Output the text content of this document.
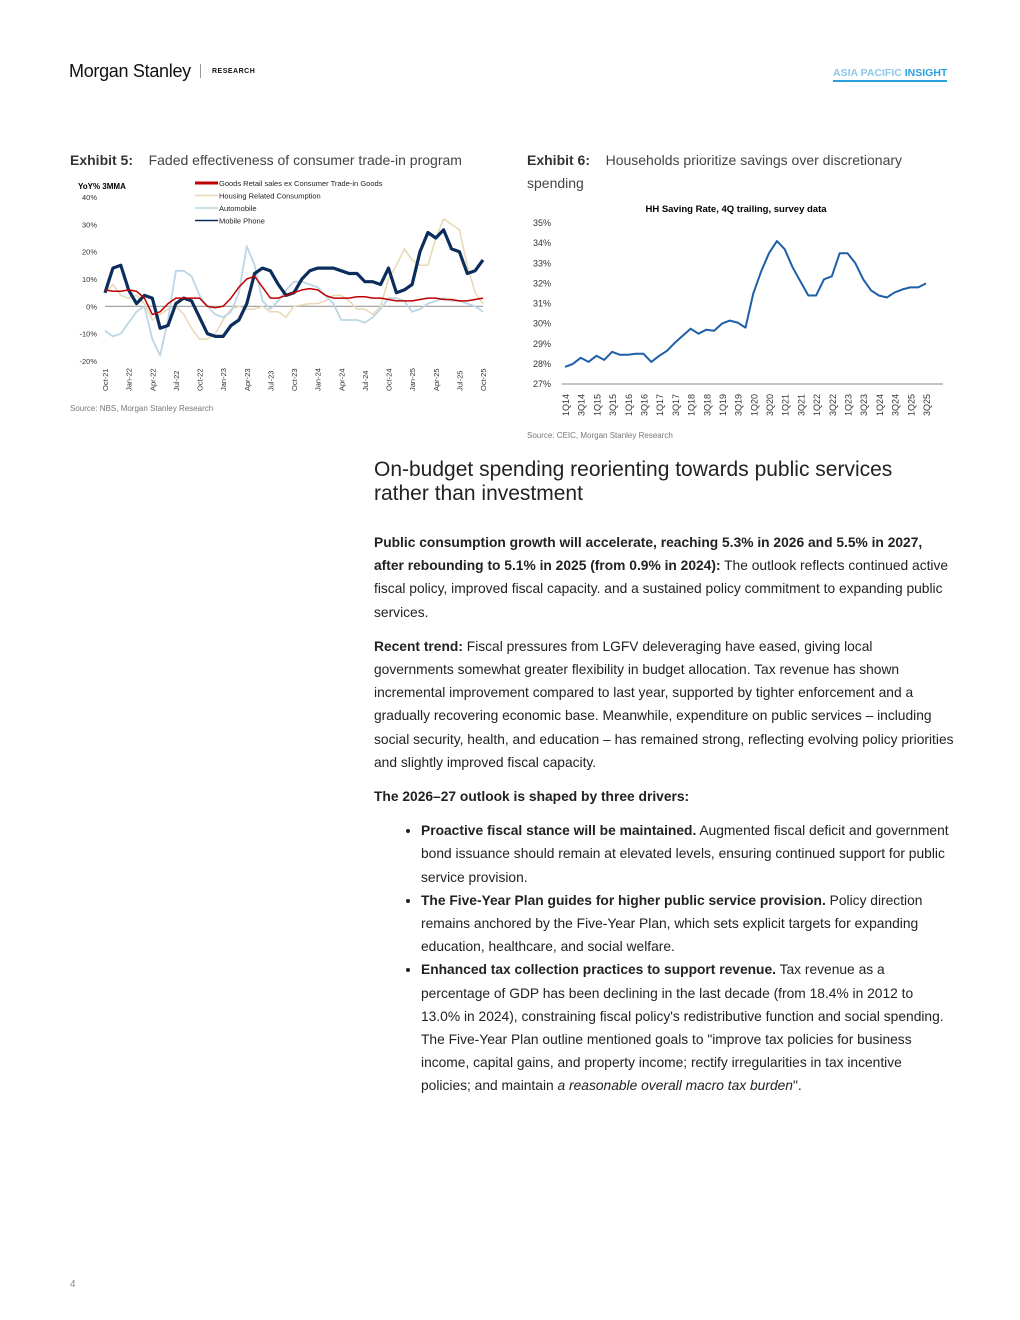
Morgan Stanley	RESEARCH	ASIA PACIFIC INSIGHT
Exhibit 5: Faded effectiveness of consumer trade-in program
YoY% 3MMA
40%
30%
20%
10%
0%
-10%
-20%
Oct-21 Jan-22 Apr-22 Jul-22 Oct-22 Jan-23 Apr-23 Jul-23 Oct-23 Jan-24 Apr-24 Jul-24 Oct-24 Jan-25 Apr-25 Jul-25 Oct-25
Goods Retail sales ex Consumer Trade-in Goods
Housing Related Consumption
Automobile
Mobile Phone
Source: NBS, Morgan Stanley Research
Exhibit 6: Households prioritize savings over discretionary spending
HH Saving Rate, 4Q trailing, survey data
35%
34%
33%
32%
31%
30%
29%
28%
27%
1Q14 3Q14 1Q15 3Q15 1Q16 3Q16 1Q17 3Q17 1Q18 3Q18 1Q19 3Q19 1Q20 3Q20 1Q21 3Q21 1Q22 3Q22 1Q23 3Q23 1Q24 3Q24 1Q25 3Q25
Source: CEIC, Morgan Stanley Research
On-budget spending reorienting towards public services rather than investment

Public consumption growth will accelerate, reaching 5.3% in 2026 and 5.5% in 2027, after rebounding to 5.1% in 2025 (from 0.9% in 2024): The outlook reflects continued active fiscal policy, improved fiscal capacity. and a sustained policy commitment to expanding public services.

Recent trend: Fiscal pressures from LGFV deleveraging have eased, giving local governments somewhat greater flexibility in budget allocation. Tax revenue has shown incremental improvement compared to last year, supported by tighter enforcement and a gradually recovering economic base. Meanwhile, expenditure on public services – including social security, health, and education – has remained strong, reflecting evolving policy priorities and slightly improved fiscal capacity.

The 2026–27 outlook is shaped by three drivers:

• Proactive fiscal stance will be maintained. Augmented fiscal deficit and government bond issuance should remain at elevated levels, ensuring continued support for public service provision.
• The Five-Year Plan guides for higher public service provision. Policy direction remains anchored by the Five-Year Plan, which sets explicit targets for expanding education, healthcare, and social welfare.
• Enhanced tax collection practices to support revenue. Tax revenue as a percentage of GDP has been declining in the last decade (from 18.4% in 2012 to 13.0% in 2024), constraining fiscal policy's redistributive function and social spending. The Five-Year Plan outline mentioned goals to "improve tax policies for business income, capital gains, and property income; rectify irregularities in tax incentive policies; and maintain a reasonable overall macro tax burden".
4
